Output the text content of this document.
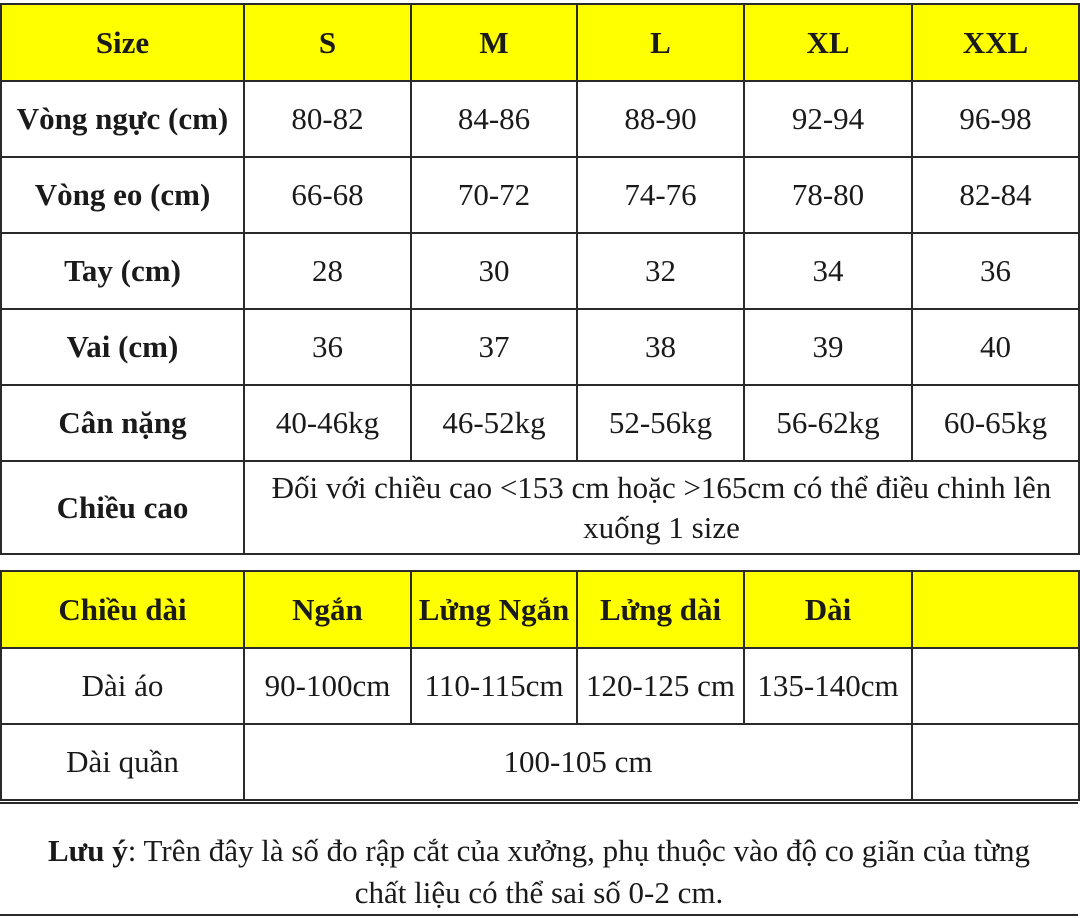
Size	S	M	L	XL	XXL
Vòng ngực (cm)	80-82	84-86	88-90	92-94	96-98
Vòng eo (cm)	66-68	70-72	74-76	78-80	82-84
Tay (cm)	28	30	32	34	36
Vai (cm)	36	37	38	39	40
Cân nặng	40-46kg	46-52kg	52-56kg	56-62kg	60-65kg
Chiều cao	Đối với chiều cao <153 cm hoặc >165cm có thể điều chinh lên
xuống 1 size				
Chiều dài	Ngắn	Lửng Ngắn	Lửng dài	Dài	
Dài áo	90-100cm	110-115cm	120-125 cm	135-140cm	
Dài quần	100-105 cm				
Lưu ý: Trên đây là số đo rập cắt của xưởng, phụ thuộc vào độ co giãn của từng
chất liệu có thể sai số 0-2 cm.
